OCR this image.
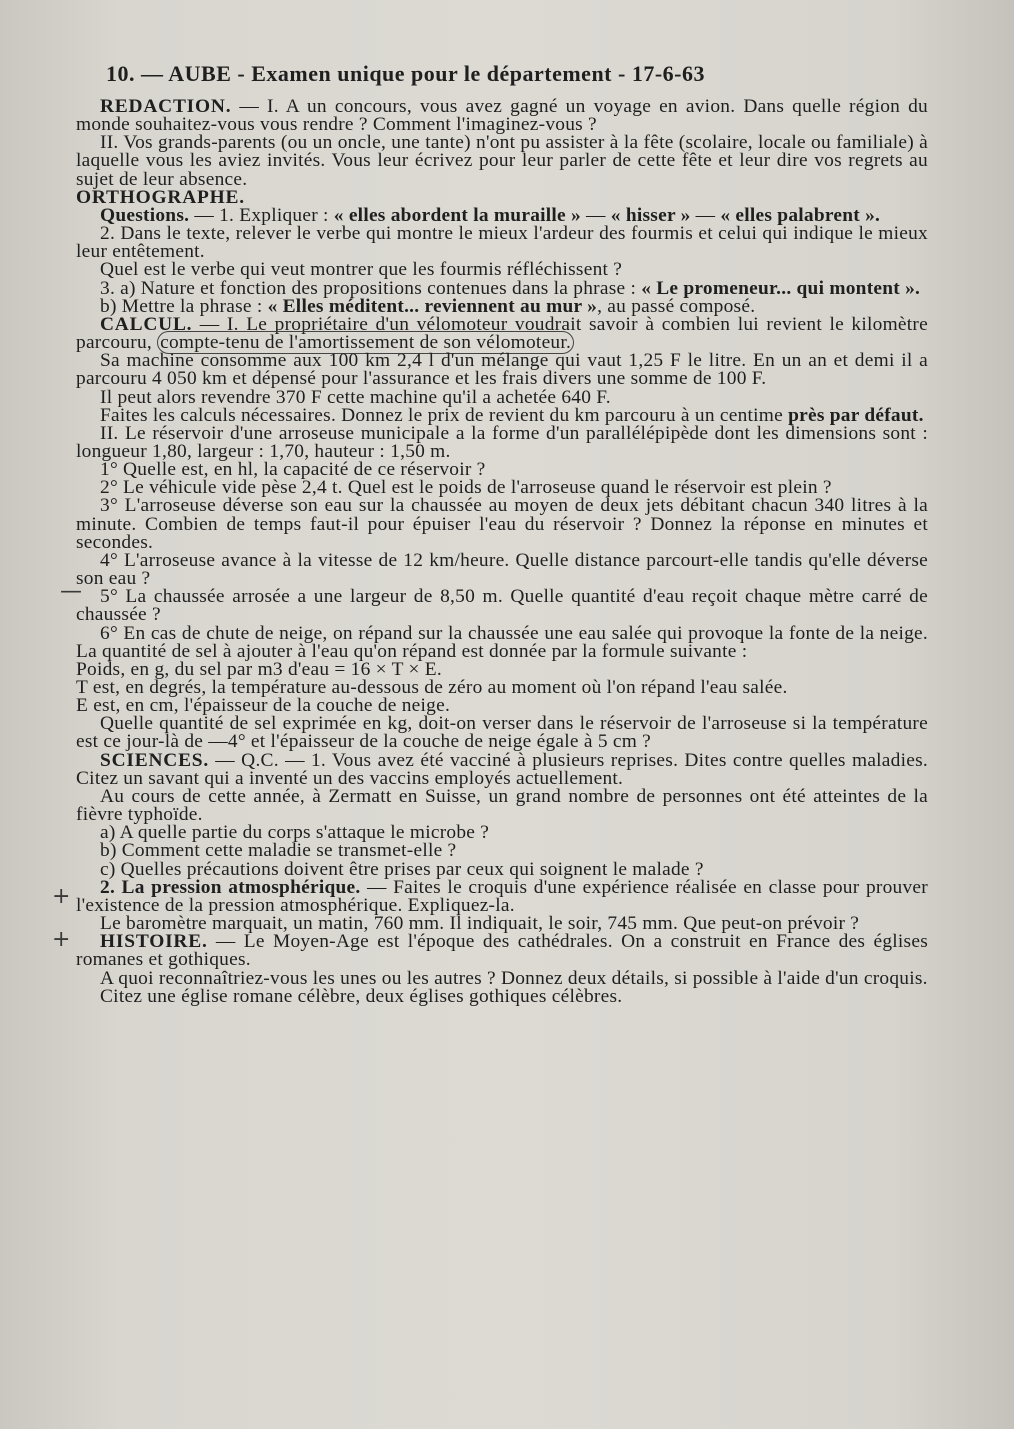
—
+
+
10. — AUBE - Examen unique pour le département - 17-6-63

REDACTION. — I. A un concours, vous avez gagné un voyage en avion. Dans quelle région du monde souhaitez-vous vous rendre ? Comment l'imaginez-vous ?

II. Vos grands-parents (ou un oncle, une tante) n'ont pu assister à la fête (scolaire, locale ou familiale) à laquelle vous les aviez invités. Vous leur écrivez pour leur parler de cette fête et leur dire vos regrets au sujet de leur absence.

ORTHOGRAPHE.

Questions. — 1. Expliquer : « elles abordent la muraille » — « hisser » — « elles palabrent ».

2. Dans le texte, relever le verbe qui montre le mieux l'ardeur des fourmis et celui qui indique le mieux leur entêtement.

Quel est le verbe qui veut montrer que les fourmis réfléchissent ?

3. a) Nature et fonction des propositions contenues dans la phrase : « Le promeneur... qui montent ».

b) Mettre la phrase : « Elles méditent... reviennent au mur », au passé composé.

CALCUL. — I. Le propriétaire d'un vélomoteur voudrait savoir à combien lui revient le kilomètre parcouru, compte-tenu de l'amortissement de son vélomoteur.

Sa machine consomme aux 100 km 2,4 l d'un mélange qui vaut 1,25 F le litre. En un an et demi il a parcouru 4 050 km et dépensé pour l'assurance et les frais divers une somme de 100 F.

Il peut alors revendre 370 F cette machine qu'il a achetée 640 F.

Faites les calculs nécessaires. Donnez le prix de revient du km parcouru à un centime près par défaut.

II. Le réservoir d'une arroseuse municipale a la forme d'un parallélépipède dont les dimensions sont : longueur 1,80, largeur : 1,70, hauteur : 1,50 m.

1° Quelle est, en hl, la capacité de ce réservoir ?

2° Le véhicule vide pèse 2,4 t. Quel est le poids de l'arroseuse quand le réservoir est plein ?

3° L'arroseuse déverse son eau sur la chaussée au moyen de deux jets débitant chacun 340 litres à la minute. Combien de temps faut-il pour épuiser l'eau du réservoir ? Donnez la réponse en minutes et secondes.

4° L'arroseuse avance à la vitesse de 12 km/heure. Quelle distance parcourt-elle tandis qu'elle déverse son eau ?

5° La chaussée arrosée a une largeur de 8,50 m. Quelle quantité d'eau reçoit chaque mètre carré de chaussée ?

6° En cas de chute de neige, on répand sur la chaussée une eau salée qui provoque la fonte de la neige. La quantité de sel à ajouter à l'eau qu'on répand est donnée par la formule suivante :

Poids, en g, du sel par m3 d'eau = 16 × T × E.

T est, en degrés, la température au-dessous de zéro au moment où l'on répand l'eau salée.

E est, en cm, l'épaisseur de la couche de neige.

Quelle quantité de sel exprimée en kg, doit-on verser dans le réservoir de l'arroseuse si la température est ce jour-là de —4° et l'épaisseur de la couche de neige égale à 5 cm ?

SCIENCES. — Q.C. — 1. Vous avez été vacciné à plusieurs reprises. Dites contre quelles maladies. Citez un savant qui a inventé un des vaccins employés actuellement.

Au cours de cette année, à Zermatt en Suisse, un grand nombre de personnes ont été atteintes de la fièvre typhoïde.

a) A quelle partie du corps s'attaque le microbe ?

b) Comment cette maladie se transmet-elle ?

c) Quelles précautions doivent être prises par ceux qui soignent le malade ?

2. La pression atmosphérique. — Faites le croquis d'une expérience réalisée en classe pour prouver l'existence de la pression atmosphérique. Expliquez-la.

Le baromètre marquait, un matin, 760 mm. Il indiquait, le soir, 745 mm. Que peut-on prévoir ?

HISTOIRE. — Le Moyen-Age est l'époque des cathédrales. On a construit en France des églises romanes et gothiques.

A quoi reconnaîtriez-vous les unes ou les autres ? Donnez deux détails, si possible à l'aide d'un croquis.

Citez une église romane célèbre, deux églises gothiques célèbres.
